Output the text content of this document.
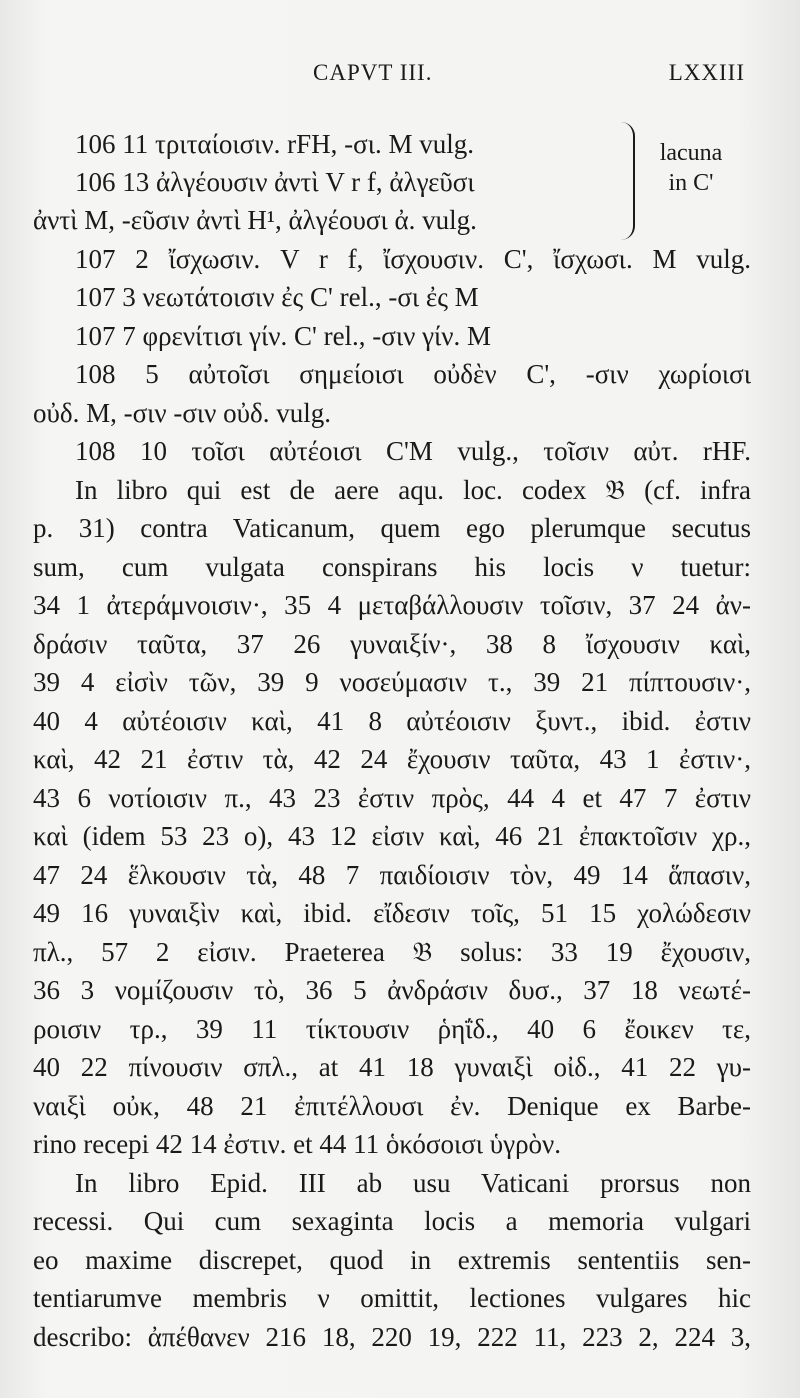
CAPVT III.	LXXIII
lacuna
in C'
106 11 τριταίοισιν. rFH, -σι. M vulg.
106 13 ἀλγέουσιν ἀντὶ V r f, ἀλγεῦσι
ἀντὶ M, -εῦσιν ἀντὶ H¹, ἀλγέουσι ἀ. vulg.
107 2 ἴσχωσιν. V r f, ἴσχουσιν. C', ἴσχωσι. M vulg.
107 3 νεωτάτοισιν ἐς C' rel., -σι ἐς M
107 7 φρενίτισι γίν. C' rel., -σιν γίν. M
108 5 αὐτοῖσι σημείοισι οὐδὲν C', -σιν χωρίοισι
οὐδ. M, -σιν -σιν οὐδ. vulg.
108 10 τοῖσι αὐτέοισι C'M vulg., τοῖσιν αὐτ. rHF.
In libro qui est de aere aqu. loc. codex 𝔅 (cf. infra
p. 31) contra Vaticanum, quem ego plerumque secutus
sum, cum vulgata conspirans his locis ν tuetur:
34 1 ἀτεράμνοισιν·, 35 4 μεταβάλλουσιν τοῖσιν, 37 24 ἀν-
δράσιν ταῦτα, 37 26 γυναιξίν·, 38 8 ἴσχουσιν καὶ,
39 4 εἰσὶν τῶν, 39 9 νοσεύμασιν τ., 39 21 πίπτουσιν·,
40 4 αὐτέοισιν καὶ, 41 8 αὐτέοισιν ξυντ., ibid. ἐστιν
καὶ, 42 21 ἐστιν τὰ, 42 24 ἔχουσιν ταῦτα, 43 1 ἐστιν·,
43 6 νοτίοισιν π., 43 23 ἐστιν πρὸς, 44 4 et 47 7 ἐστιν
καὶ (idem 53 23 ο), 43 12 εἰσιν καὶ, 46 21 ἐπακτοῖσιν χρ.,
47 24 ἕλκουσιν τὰ, 48 7 παιδίοισιν τὸν, 49 14 ἅπασιν,
49 16 γυναιξὶν καὶ, ibid. εἴδεσιν τοῖς, 51 15 χολώδεσιν
πλ., 57 2 εἰσιν. Praeterea 𝔅 solus: 33 19 ἔχουσιν,
36 3 νομίζουσιν τὸ, 36 5 ἀνδράσιν δυσ., 37 18 νεωτέ-
ροισιν τρ., 39 11 τίκτουσιν ῥηΐδ., 40 6 ἔοικεν τε,
40 22 πίνουσιν σπλ., at 41 18 γυναιξὶ οἰδ., 41 22 γυ-
ναιξὶ οὐκ, 48 21 ἐπιτέλλουσι ἐν. Denique ex Barbe-
rino recepi 42 14 ἐστιν. et 44 11 ὁκόσοισι ὑγρὸν.
In libro Epid. III ab usu Vaticani prorsus non
recessi. Qui cum sexaginta locis a memoria vulgari
eo maxime discrepet, quod in extremis sententiis sen-
tentiarumve membris ν omittit, lectiones vulgares hic
describo: ἀπέθανεν 216 18, 220 19, 222 11, 223 2, 224 3,
